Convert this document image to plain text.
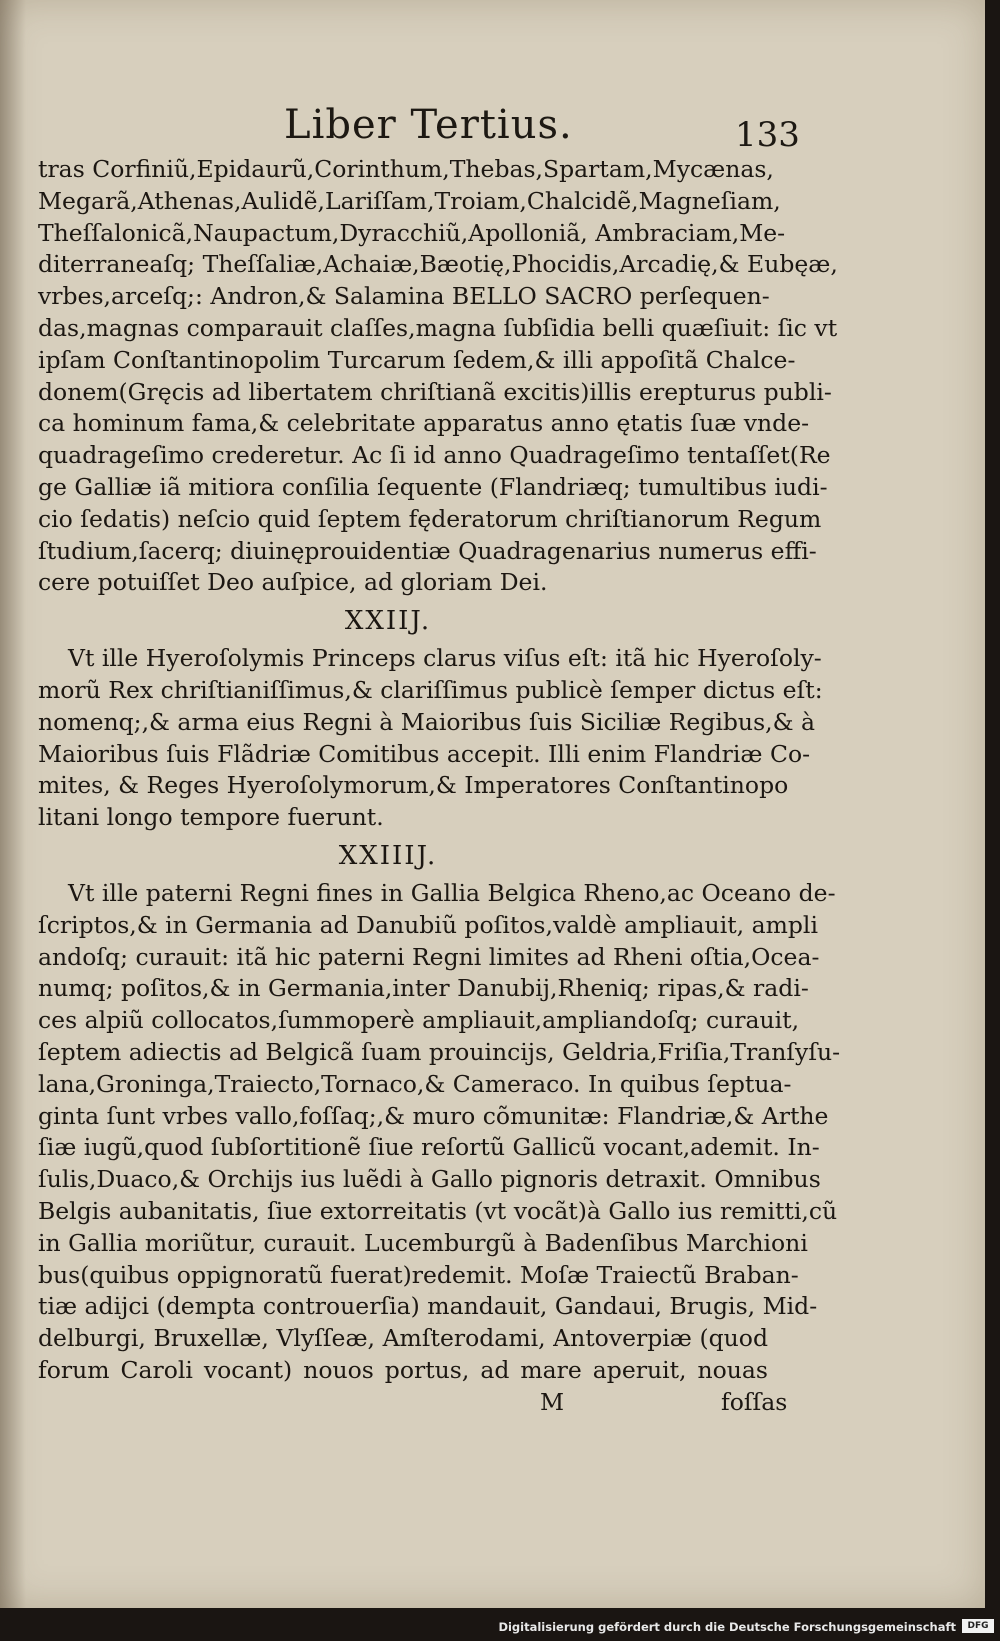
Liber Tertius.	133
tras Corfiniũ,Epidaurũ,Corinthum,Thebas,Spartam,Mycænas,
Megarã,Athenas,Aulidẽ,Lariſſam,Troiam,Chalcidẽ,Magneſiam,
Theſſalonicã,Naupactum,Dyracchiũ,Apolloniã, Ambraciam,Me-
diterraneaſq; Theſſaliæ,Achaiæ,Bæotię,Phocidis,Arcadię,& Eubęæ,
vrbes,arceſq;: Andron,& Salamina BELLO SACRO perſequen-
das,magnas comparauit claſſes,magna ſubſidia belli quæſiuit: ſic vt
ipſam Conſtantinopolim Turcarum ſedem,& illi appoſitã Chalce-
donem(Gręcis ad libertatem chriſtianã excitis)illis erepturus publi-
ca hominum fama,& celebritate apparatus anno ętatis ſuæ vnde-
quadrageſimo crederetur. Ac ſi id anno Quadrageſimo tentaſſet(Re
ge Galliæ iã mitiora conſilia ſequente (Flandriæq; tumultibus iudi-
cio ſedatis) neſcio quid ſeptem fęderatorum chriſtianorum Regum
ſtudium,ſacerq; diuinęprouidentiæ Quadragenarius numerus effi-
cere potuiſſet Deo auſpice, ad gloriam Dei.
XXIIJ.
Vt ille Hyeroſolymis Princeps clarus viſus eſt: itã hic Hyeroſoly-
morũ Rex chriſtianiſſimus,& clariſſimus publicè ſemper dictus eſt:
nomenq;,& arma eius Regni à Maioribus ſuis Siciliæ Regibus,& à
Maioribus ſuis Flãdriæ Comitibus accepit. Illi enim Flandriæ Co-
mites, & Reges Hyeroſolymorum,& Imperatores Conſtantinopo
litani longo tempore fuerunt.
XXIIIJ.
Vt ille paterni Regni fines in Gallia Belgica Rheno,ac Oceano de-
ſcriptos,& in Germania ad Danubiũ poſitos,valdè ampliauit, ampli
andoſq; curauit: itã hic paterni Regni limites ad Rheni oſtia,Ocea-
numq; poſitos,& in Germania,inter Danubij,Rheniq; ripas,& radi-
ces alpiũ collocatos,ſummoperè ampliauit,ampliandoſq; curauit,
ſeptem adiectis ad Belgicã ſuam prouincijs, Geldria,Friſia,Tranſyſu-
lana,Groninga,Traiecto,Tornaco,& Cameraco. In quibus ſeptua-
ginta ſunt vrbes vallo,foſſaq;,& muro cõmunitæ: Flandriæ,& Arthe
ſiæ iugũ,quod ſubſortitionẽ ſiue reſortũ Gallicũ vocant,ademit. In-
ſulis,Duaco,& Orchijs ius luẽdi à Gallo pignoris detraxit. Omnibus
Belgis aubanitatis, ſiue extorreitatis (vt vocãt)à Gallo ius remitti,cũ
in Gallia moriũtur, curauit. Lucemburgũ à Badenſibus Marchioni
bus(quibus oppignoratũ fuerat)redemit. Moſæ Traiectũ Braban-
tiæ adijci (dempta controuerſia) mandauit, Gandaui, Brugis, Mid-
delburgi, Bruxellæ, Vlyſſeæ, Amſterodami, Antoverpiæ (quod
forum Caroli vocant) nouos portus, ad mare aperuit, nouas
M	foſſas
Digitalisierung gefördert durch die Deutsche Forschungsgemeinschaft	DFG
